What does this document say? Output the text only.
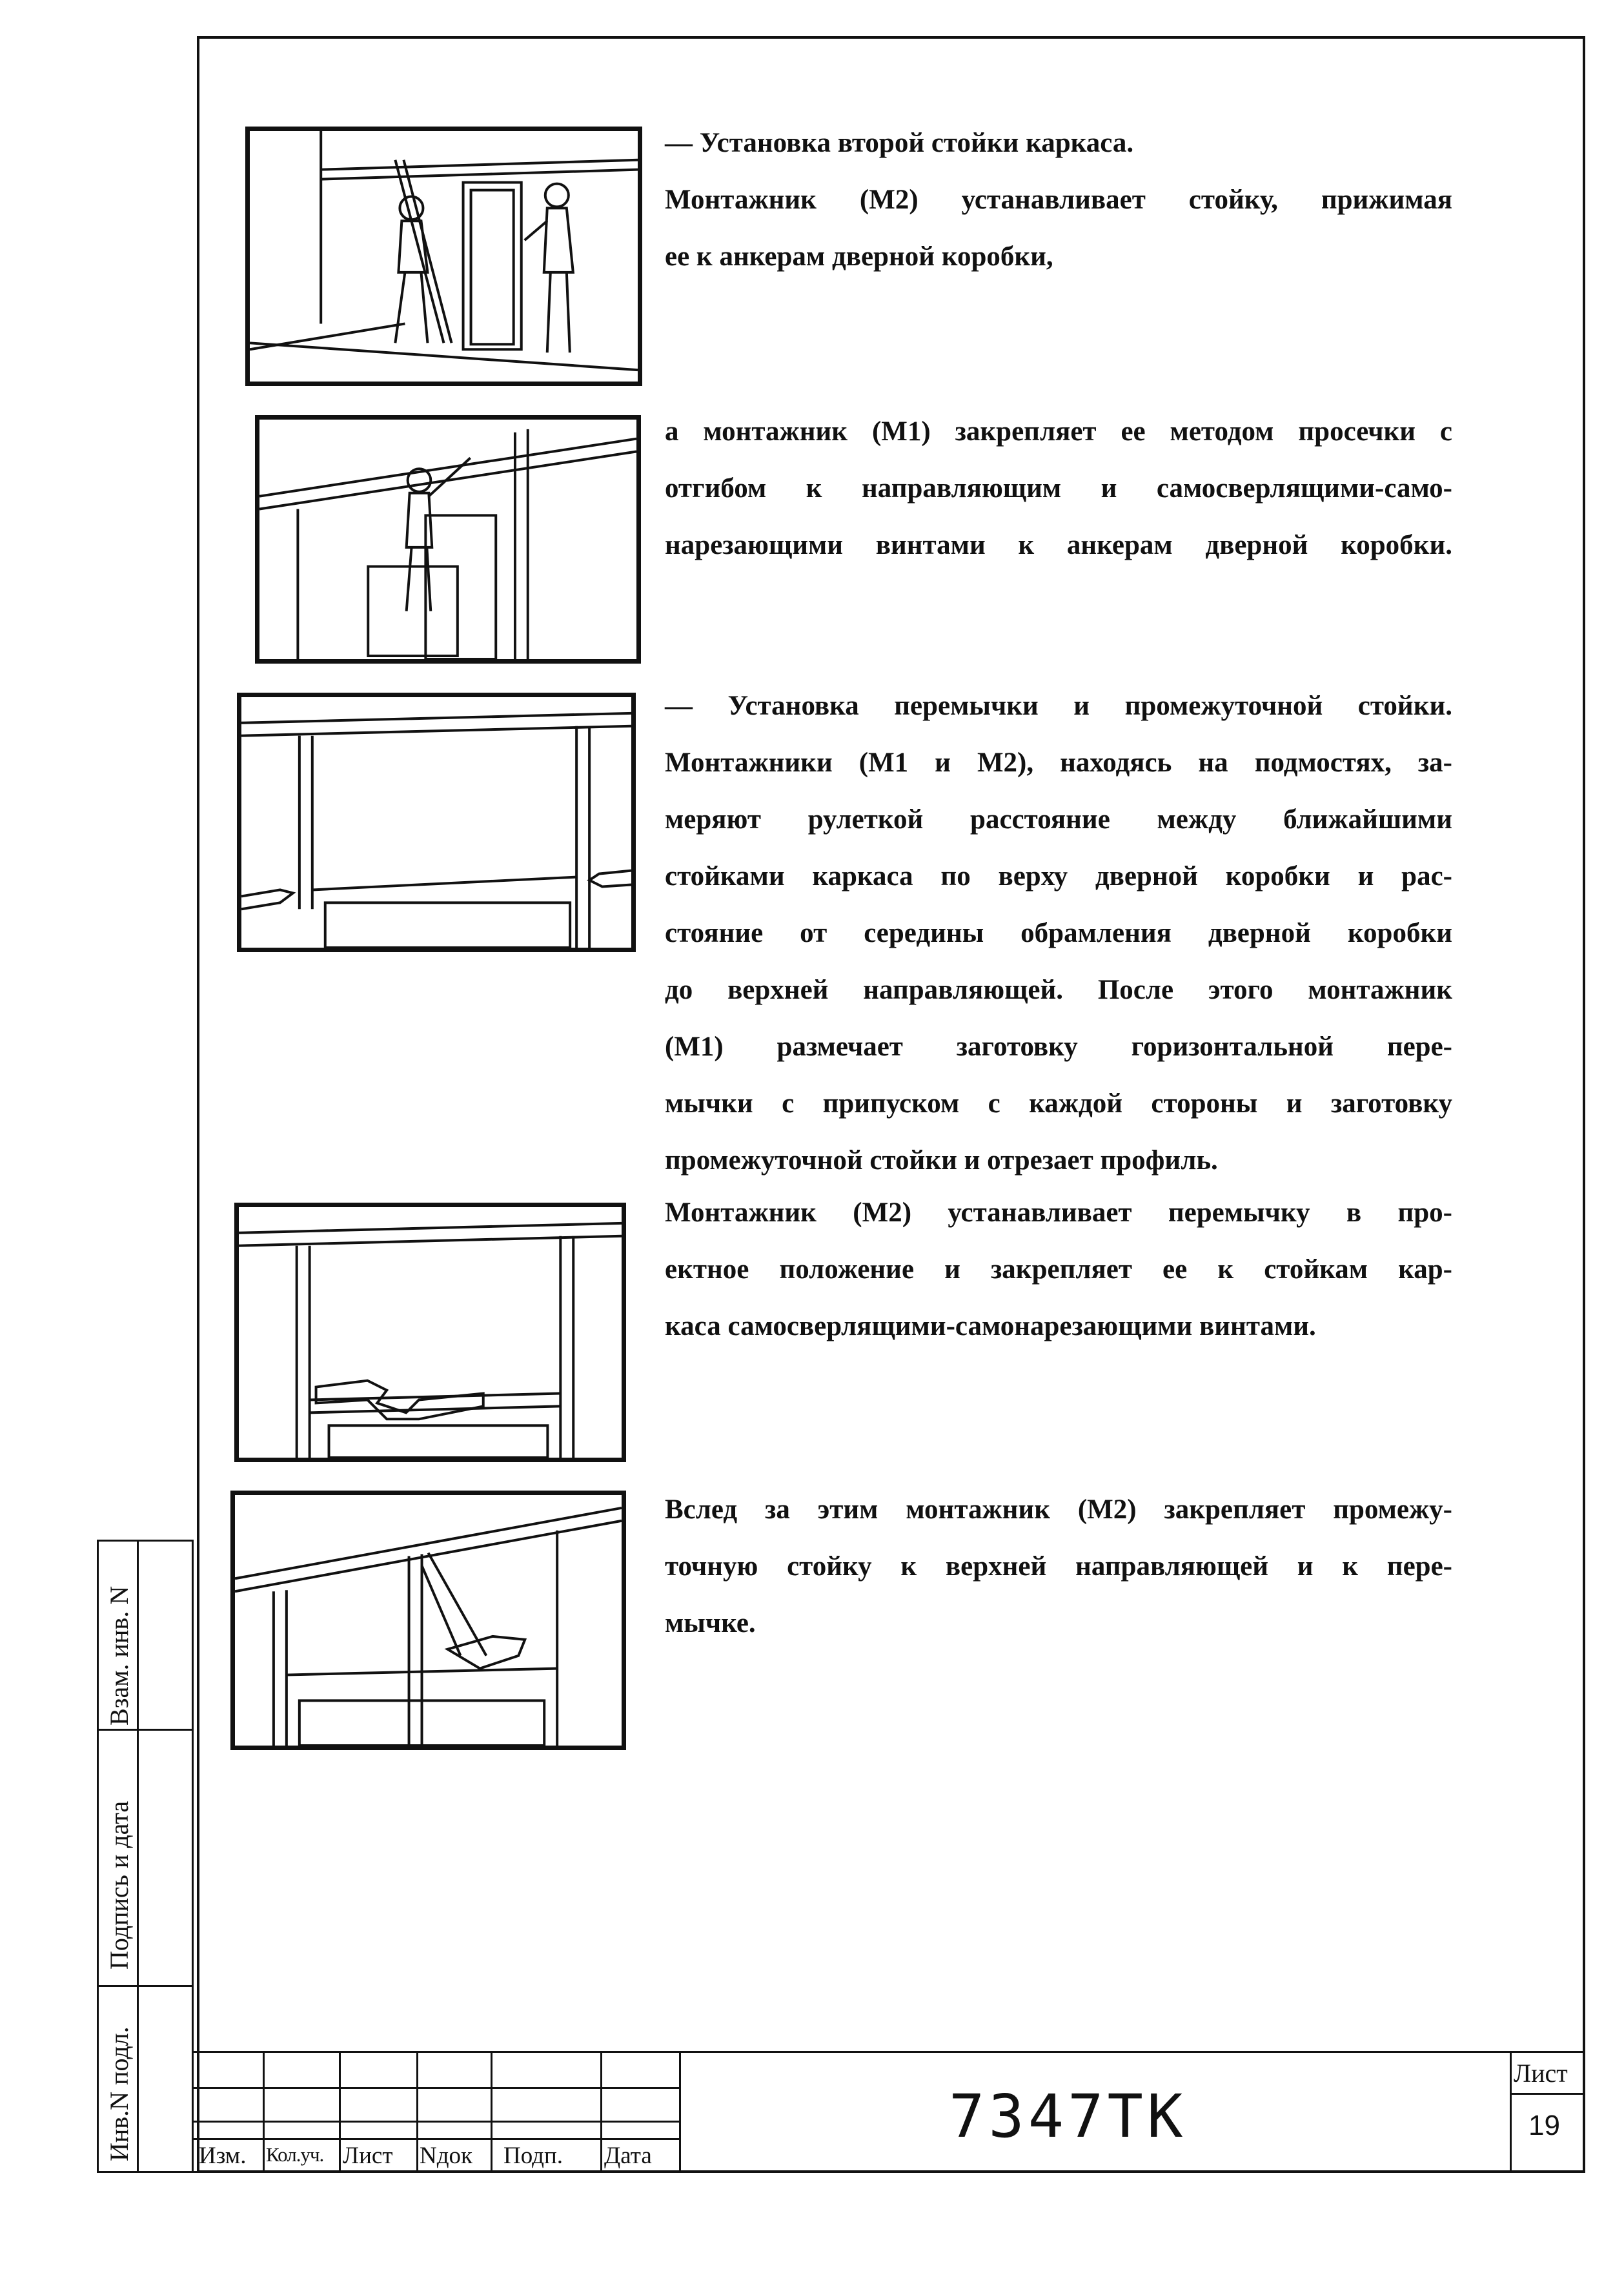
— Установка второй стойки каркаса.
Монтажник (М2) устанавливает стойку, прижимая
ее к анкерам дверной коробки,
а монтажник (М1) закрепляет ее методом просечки с
отгибом к направляющим и самосверлящими-само-
нарезающими винтами к анкерам дверной коробки.
— Установка перемычки и промежуточной стойки.
Монтажники (М1 и М2), находясь на подмостях, за-
меряют рулеткой расстояние между ближайшими
стойками каркаса по верху дверной коробки и рас-
стояние от середины обрамления дверной коробки
до верхней направляющей. После этого монтажник
(М1) размечает заготовку горизонтальной пере-
мычки с припуском с каждой стороны и заготовку
промежуточной стойки и отрезает профиль.
Монтажник (М2) устанавливает перемычку в про-
ектное положение и закрепляет ее к стойкам кар-
каса самосверлящими-самонарезающими винтами.
Вслед за этим монтажник (М2) закрепляет промежу-
точную стойку к верхней направляющей и к пере-
мычке.
Инв.N подл.
Подпись и дата
Взам. инв. N
Изм. Кол.уч. Лист Nдок Подп. Дата
7347ТК
Лист
19
